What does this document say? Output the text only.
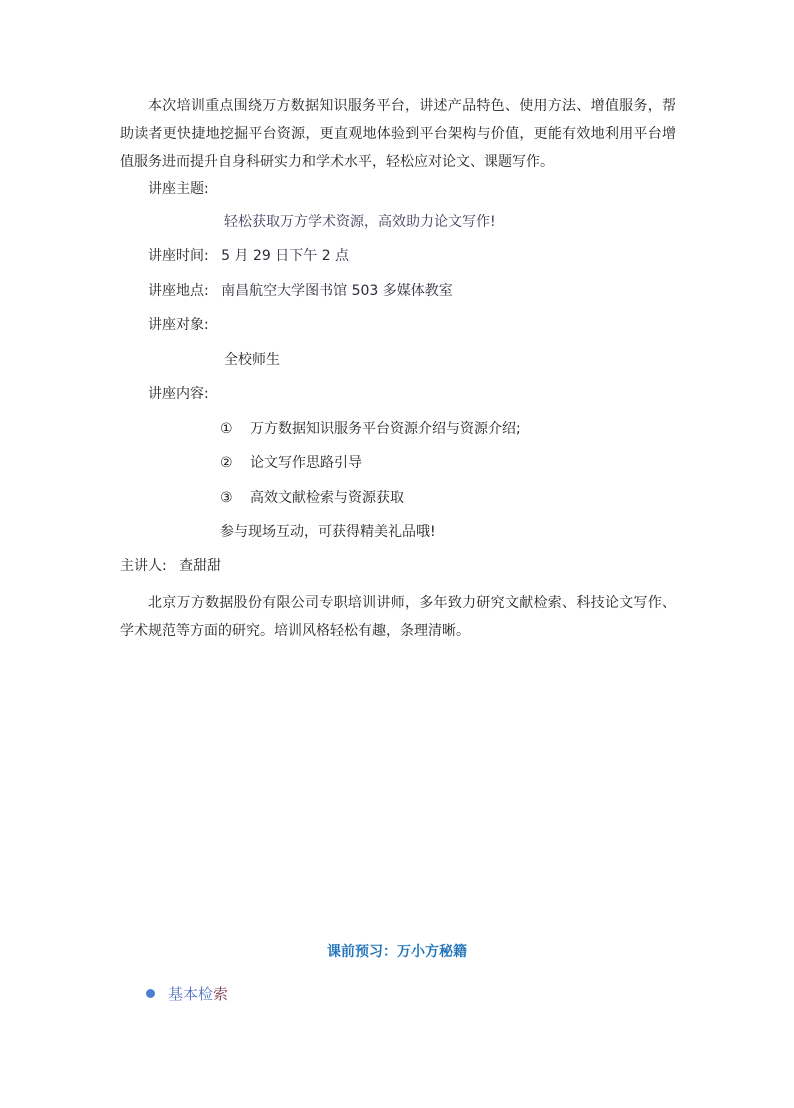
本次培训重点围绕万方数据知识服务平台，讲述产品特色、使用方法、增值服务，帮助读者更快捷地挖掘平台资源，更直观地体验到平台架构与价值，更能有效地利用平台增值服务进而提升自身科研实力和学术水平，轻松应对论文、课题写作。
讲座主题:
轻松获取万方学术资源，高效助力论文写作!
讲座时间: 5 月 29 日下午 2 点
讲座地点: 南昌航空大学图书馆 503 多媒体教室
讲座对象:
全校师生
讲座内容:
① 万方数据知识服务平台资源介绍与资源介绍;
② 论文写作思路引导
③ 高效文献检索与资源获取
参与现场互动，可获得精美礼品哦!
主讲人: 查甜甜
北京万方数据股份有限公司专职培训讲师，多年致力研究文献检索、科技论文写作、学术规范等方面的研究。培训风格轻松有趣，条理清晰。
课前预习：万小方秘籍
基本检索
